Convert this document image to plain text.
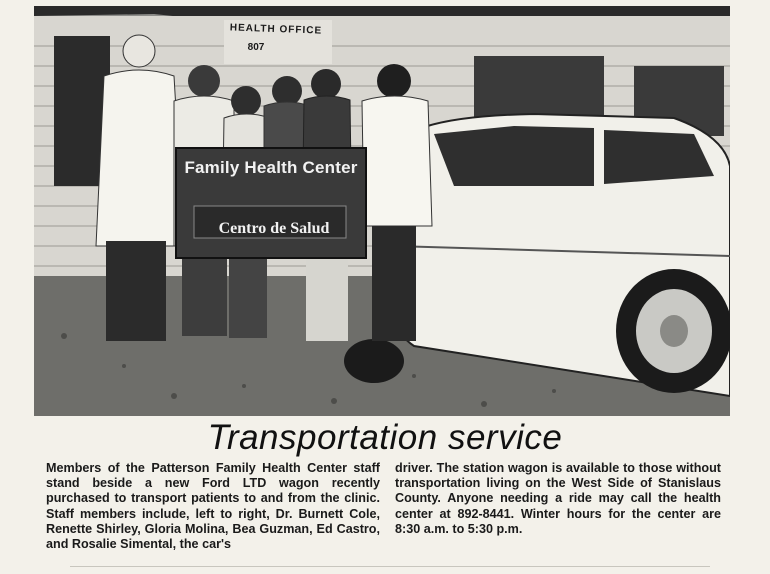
HEALTH OFFICE
807
Family Health Center
Centro de Salud
Transportation service
Members of the Patterson Family Health Center staff stand beside a new Ford LTD wagon recently purchased to transport patients to and from the clinic. Staff members include, left to right, Dr. Burnett Cole, Renette Shirley, Gloria Molina, Bea Guzman, Ed Castro, and Rosalie Simental, the car's
driver. The station wagon is available to those without transportation living on the West Side of Stanislaus County. Anyone needing a ride may call the health center at 892-8441. Winter hours for the center are 8:30 a.m. to 5:30 p.m.
